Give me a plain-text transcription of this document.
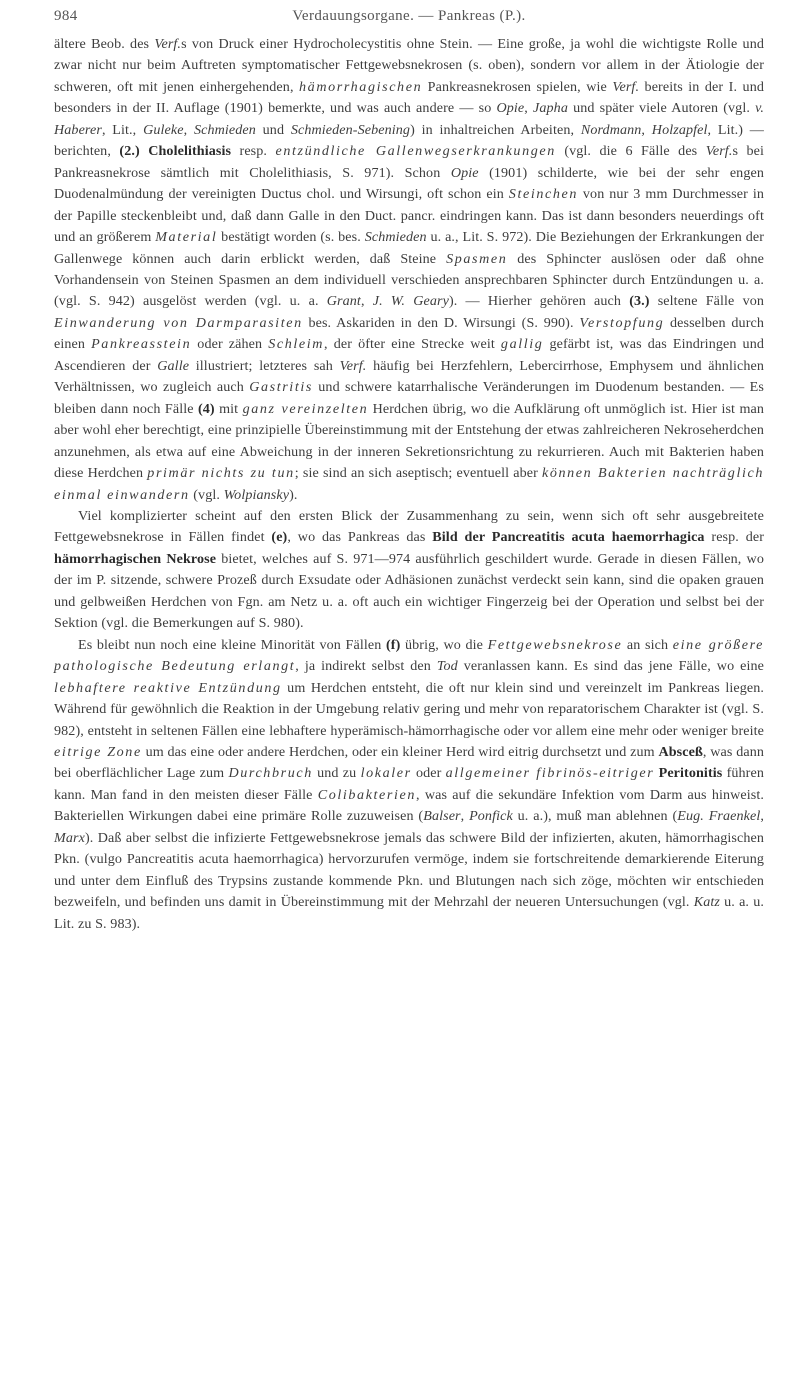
984	Verdauungsorgane. — Pankreas (P.).

ältere Beob. des Verf.s von Druck einer Hydrocholecystitis ohne Stein. — Eine große, ja wohl die wichtigste Rolle und zwar nicht nur beim Auftreten symptomatischer Fettgewebsnekrosen (s. oben), sondern vor allem in der Ätiologie der schweren, oft mit jenen einhergehenden, hämorrhagischen Pankreasnekrosen spielen, wie Verf. bereits in der I. und besonders in der II. Auflage (1901) bemerkte, und was auch andere — so Opie, Japha und später viele Autoren (vgl. v. Haberer, Lit., Guleke, Schmieden und Schmieden-Sebening) in inhaltreichen Arbeiten, Nordmann, Holzapfel, Lit.) — berichten, (2.) Cholelithiasis resp. entzündliche Gallenwegserkrankungen (vgl. die 6 Fälle des Verf.s bei Pankreasnekrose sämtlich mit Cholelithiasis, S. 971). Schon Opie (1901) schilderte, wie bei der sehr engen Duodenalmündung der vereinigten Ductus chol. und Wirsungi, oft schon ein Steinchen von nur 3 mm Durchmesser in der Papille steckenbleibt und, daß dann Galle in den Duct. pancr. eindringen kann. Das ist dann besonders neuerdings oft und an größerem Material bestätigt worden (s. bes. Schmieden u. a., Lit. S. 972). Die Beziehungen der Erkrankungen der Gallenwege können auch darin erblickt werden, daß Steine Spasmen des Sphincter auslösen oder daß ohne Vorhandensein von Steinen Spasmen an dem individuell verschieden ansprechbaren Sphincter durch Entzündungen u. a. (vgl. S. 942) ausgelöst werden (vgl. u. a. Grant, J. W. Geary). — Hierher gehören auch (3.) seltene Fälle von Einwanderung von Darmparasiten bes. Askariden in den D. Wirsungi (S. 990). Verstopfung desselben durch einen Pankreasstein oder zähen Schleim, der öfter eine Strecke weit gallig gefärbt ist, was das Eindringen und Ascendieren der Galle illustriert; letzteres sah Verf. häufig bei Herzfehlern, Lebercirrhose, Emphysem und ähnlichen Verhältnissen, wo zugleich auch Gastritis und schwere katarrhalische Veränderungen im Duodenum bestanden. — Es bleiben dann noch Fälle (4) mit ganz vereinzelten Herdchen übrig, wo die Aufklärung oft unmöglich ist. Hier ist man aber wohl eher berechtigt, eine prinzipielle Übereinstimmung mit der Entstehung der etwas zahlreicheren Nekroseherdchen anzunehmen, als etwa auf eine Abweichung in der inneren Sekretionsrichtung zu rekurrieren. Auch mit Bakterien haben diese Herdchen primär nichts zu tun; sie sind an sich aseptisch; eventuell aber können Bakterien nachträglich einmal einwandern (vgl. Wolpiansky).

Viel komplizierter scheint auf den ersten Blick der Zusammenhang zu sein, wenn sich oft sehr ausgebreitete Fettgewebsnekrose in Fällen findet (e), wo das Pankreas das Bild der Pancreatitis acuta haemorrhagica resp. der hämorrhagischen Nekrose bietet, welches auf S. 971—974 ausführlich geschildert wurde. Gerade in diesen Fällen, wo der im P. sitzende, schwere Prozeß durch Exsudate oder Adhäsionen zunächst verdeckt sein kann, sind die opaken grauen und gelbweißen Herdchen von Fgn. am Netz u. a. oft auch ein wichtiger Fingerzeig bei der Operation und selbst bei der Sektion (vgl. die Bemerkungen auf S. 980).

Es bleibt nun noch eine kleine Minorität von Fällen (f) übrig, wo die Fettgewebsnekrose an sich eine größere pathologische Bedeutung erlangt, ja indirekt selbst den Tod veranlassen kann. Es sind das jene Fälle, wo eine lebhaftere reaktive Entzündung um Herdchen entsteht, die oft nur klein sind und vereinzelt im Pankreas liegen. Während für gewöhnlich die Reaktion in der Umgebung relativ gering und mehr von reparatorischem Charakter ist (vgl. S. 982), entsteht in seltenen Fällen eine lebhaftere hyperämisch-hämorrhagische oder vor allem eine mehr oder weniger breite eitrige Zone um das eine oder andere Herdchen, oder ein kleiner Herd wird eitrig durchsetzt und zum Absceß, was dann bei oberflächlicher Lage zum Durchbruch und zu lokaler oder allgemeiner fibrinös-eitriger Peritonitis führen kann. Man fand in den meisten dieser Fälle Colibakterien, was auf die sekundäre Infektion vom Darm aus hinweist. Bakteriellen Wirkungen dabei eine primäre Rolle zuzuweisen (Balser, Ponfick u. a.), muß man ablehnen (Eug. Fraenkel, Marx). Daß aber selbst die infizierte Fettgewebsnekrose jemals das schwere Bild der infizierten, akuten, hämorrhagischen Pkn. (vulgo Pancreatitis acuta haemorrhagica) hervorzurufen vermöge, indem sie fortschreitende demarkierende Eiterung und unter dem Einfluß des Trypsins zustande kommende Pkn. und Blutungen nach sich zöge, möchten wir entschieden bezweifeln, und befinden uns damit in Übereinstimmung mit der Mehrzahl der neueren Untersuchungen (vgl. Katz u. a. u. Lit. zu S. 983).
